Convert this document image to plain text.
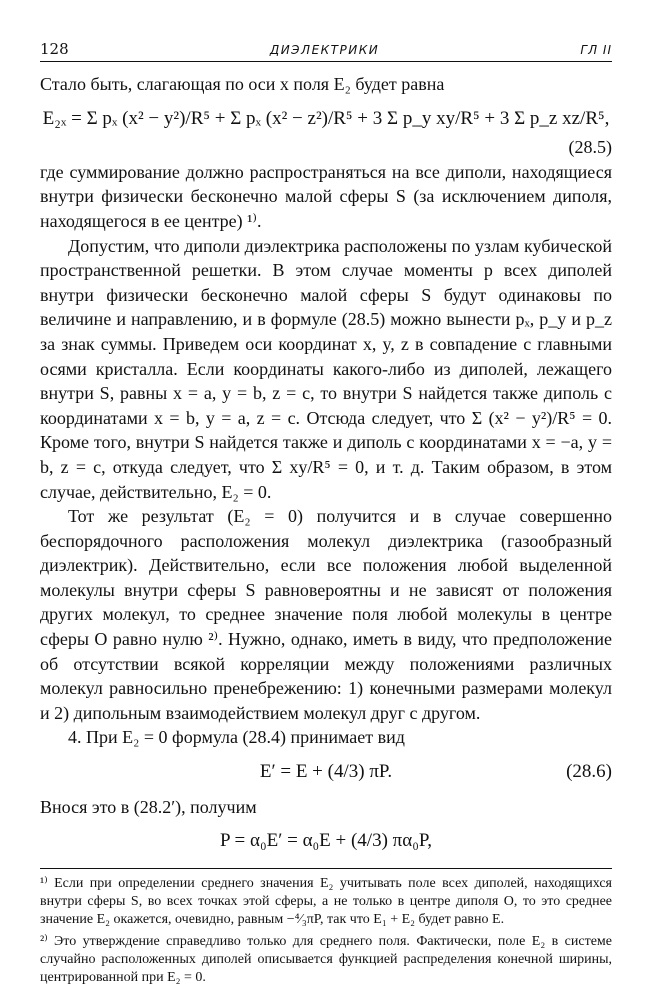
128	ДИЭЛЕКТРИКИ	ГЛ II

Стало быть, слагающая по оси x поля E₂ будет равна

E₂ₓ = Σ pₓ (x² − y²)/R⁵ + Σ pₓ (x² − z²)/R⁵ + 3 Σ p_y xy/R⁵ + 3 Σ p_z xz/R⁵,
(28.5)

где суммирование должно распространяться на все диполи, находящиеся внутри физически бесконечно малой сферы S (за исключением диполя, находящегося в ее центре) ¹⁾.

Допустим, что диполи диэлектрика расположены по узлам кубической пространственной решетки. В этом случае моменты p всех диполей внутри физически бесконечно малой сферы S будут одинаковы по величине и направлению, и в формуле (28.5) можно вынести pₓ, p_y и p_z за знак суммы. Приведем оси координат x, y, z в совпадение с главными осями кристалла. Если координаты какого-либо из диполей, лежащего внутри S, равны x = a, y = b, z = c, то внутри S найдется также диполь с координатами x = b, y = a, z = c. Отсюда следует, что Σ (x² − y²)/R⁵ = 0. Кроме того, внутри S найдется также и диполь с координатами x = −a, y = b, z = c, откуда следует, что Σ xy/R⁵ = 0, и т. д. Таким образом, в этом случае, действительно, E₂ = 0.

Тот же результат (E₂ = 0) получится и в случае совершенно беспорядочного расположения молекул диэлектрика (газообразный диэлектрик). Действительно, если все положения любой выделенной молекулы внутри сферы S равновероятны и не зависят от положения других молекул, то среднее значение поля любой молекулы в центре сферы O равно нулю ²⁾. Нужно, однако, иметь в виду, что предположение об отсутствии всякой корреляции между положениями различных молекул равносильно пренебрежению: 1) конечными размерами молекул и 2) дипольным взаимодействием молекул друг с другом.

4. При E₂ = 0 формула (28.4) принимает вид

E′ = E + (4/3) πP.	(28.6)

Внося это в (28.2′), получим

P = α₀E′ = α₀E + (4/3) πα₀P,

¹⁾ Если при определении среднего значения E₂ учитывать поле всех диполей, находящихся внутри сферы S, во всех точках этой сферы, а не только в центре диполя O, то это среднее значение E₂ окажется, очевидно, равным −⁴⁄₃πP, так что E₁ + E₂ будет равно E.

²⁾ Это утверждение справедливо только для среднего поля. Фактически, поле E₂ в системе случайно расположенных диполей описывается функцией распределения конечной ширины, центрированной при E₂ = 0.
